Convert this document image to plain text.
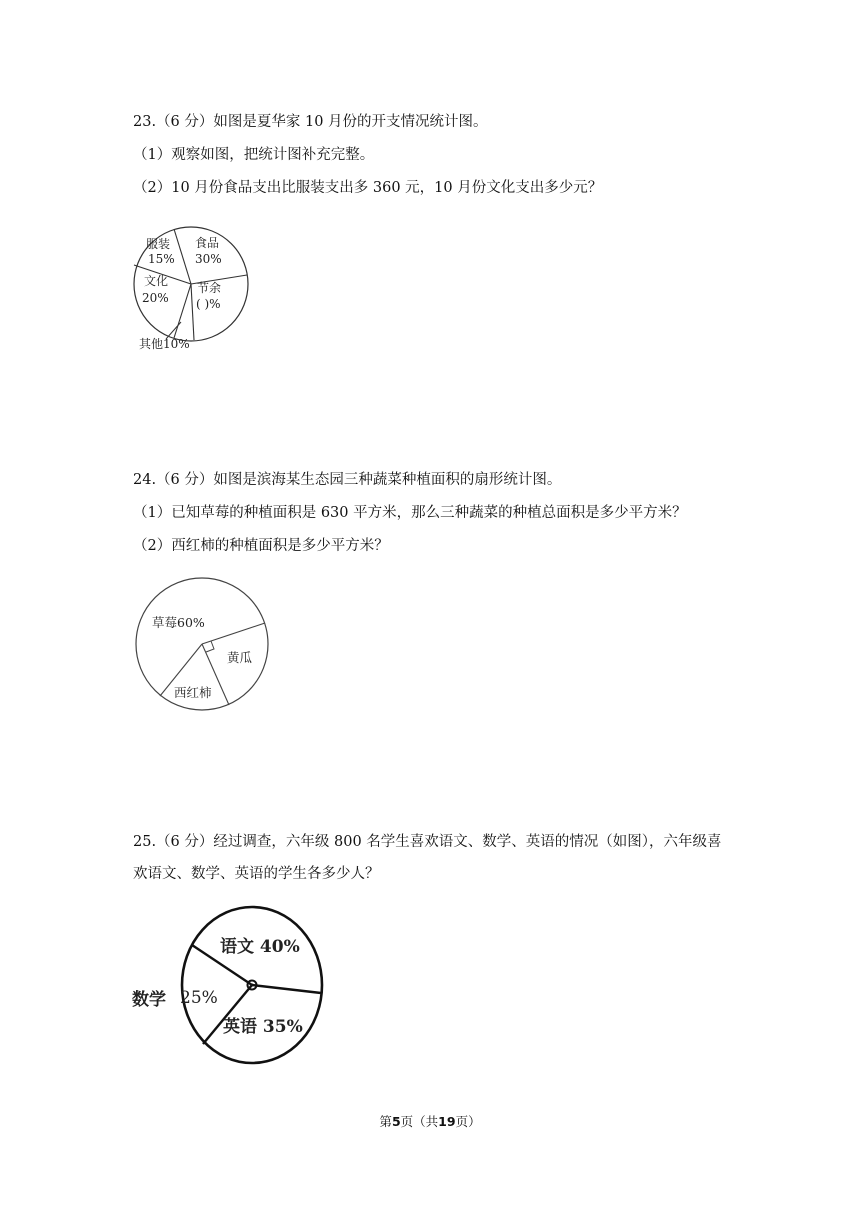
23.（6 分）如图是夏华家 10 月份的开支情况统计图。
（1）观察如图，把统计图补充完整。
（2）10 月份食品支出比服装支出多 360 元，10 月份文化支出多少元？
服装
15%
食品
30%
文化
20%
节余
( )%
其他10%
24.（6 分）如图是滨海某生态园三种蔬菜种植面积的扇形统计图。
（1）已知草莓的种植面积是 630 平方米，那么三种蔬菜的种植总面积是多少平方米？
（2）西红柿的种植面积是多少平方米？
草莓60%
黄瓜
西红柿
25.（6 分）经过调查，六年级 800 名学生喜欢语文、数学、英语的情况（如图），六年级喜
欢语文、数学、英语的学生各多少人？
语文 40%
数学 25%
英语 35%
第5页（共19页）
